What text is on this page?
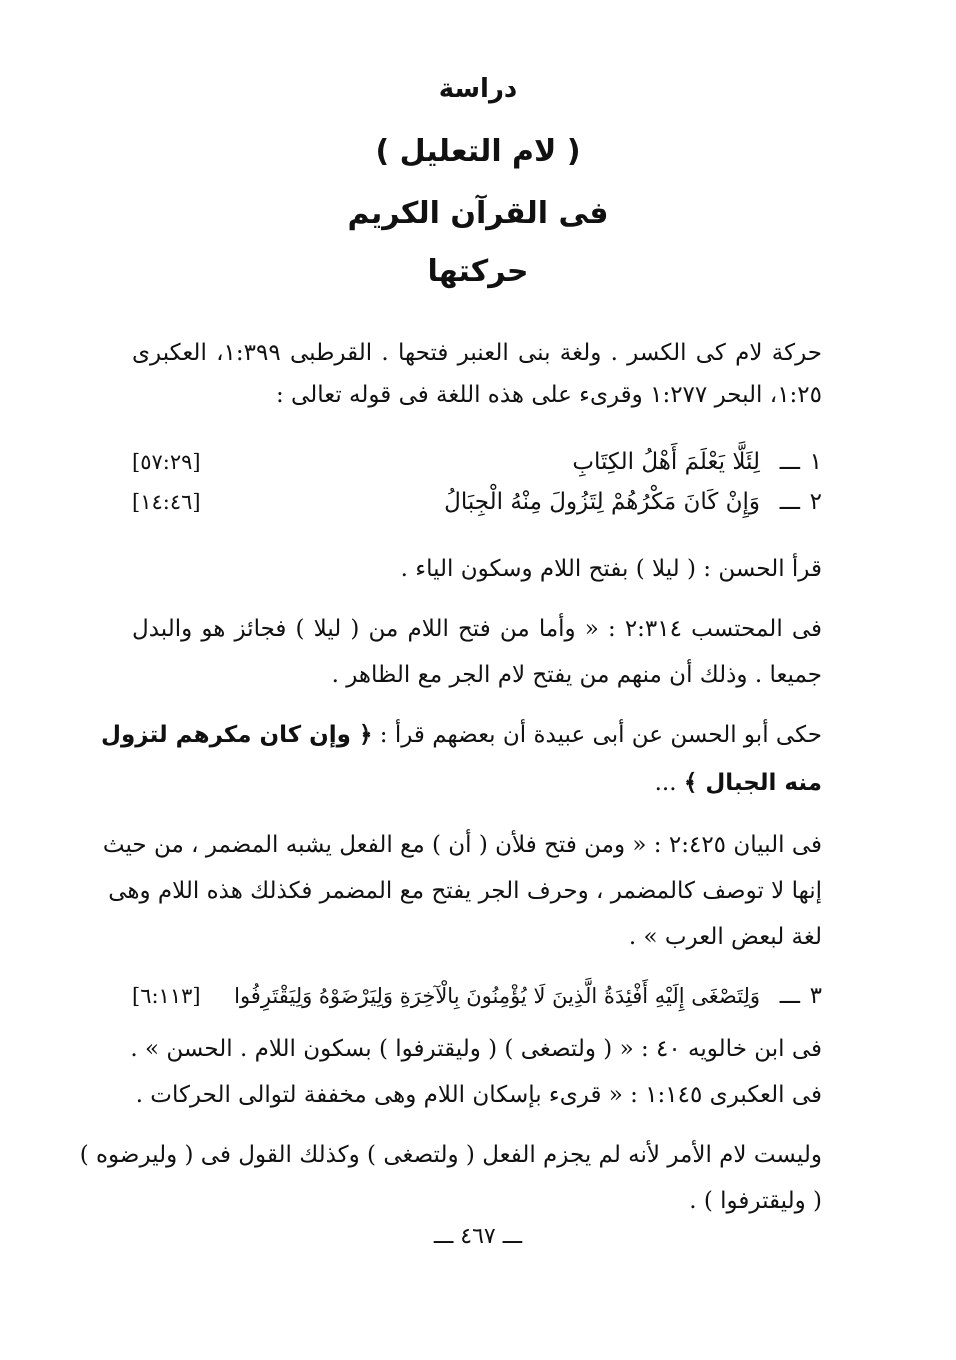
دراسة
( لام التعليل )
فى القرآن الكريم
حركتها
حركة لام كى الكسر . ولغة بنى العنبر فتحها . القرطبى ١:٣٩٩، العكبرى
١:٢٥، البحر ١:٢٧٧ وقرىء على هذه اللغة فى قوله تعالى :
١
ـــ
لِئَلَّا يَعْلَمَ أَهْلُ الكِتَابِ
[٥٧:٢٩]
٢
ـــ
وَإِنْ كَانَ مَكْرُهُمْ لِتَزُولَ مِنْهُ الْجِبَالُ
[١٤:٤٦]
قرأ الحسن : ( ليلا ) بفتح اللام وسكون الياء .
فى المحتسب ٢:٣١٤ : « وأما من فتح اللام من ( ليلا ) فجائز هو والبدل
جميعا . وذلك أن منهم من يفتح لام الجر مع الظاهر .
حكى أبو الحسن عن أبى عبيدة أن بعضهم قرأ : ﴿ وإن كان مكرهم لتزول
منه الجبال ﴾ ...
فى البيان ٢:٤٢٥ : « ومن فتح فلأن ( أن ) مع الفعل يشبه المضمر ، من حيث
إنها لا توصف كالمضمر ، وحرف الجر يفتح مع المضمر فكذلك هذه اللام وهى
لغة لبعض العرب » .
٣
ـــ
وَلِتَصْغَى إِلَيْهِ أَفْئِدَةُ الَّذِينَ لَا يُؤْمِنُونَ بِالْآخِرَةِ وَلِيَرْضَوْهُ وَلِيَقْتَرِفُوا
[٦:١١٣]
فى ابن خالويه ٤٠ : « ( ولتصغى ) ( وليقترفوا ) بسكون اللام . الحسن » .
فى العكبرى ١:١٤٥ : « قرىء بإسكان اللام وهى مخففة لتوالى الحركات .
وليست لام الأمر لأنه لم يجزم الفعل ( ولتصغى ) وكذلك القول فى ( وليرضوه )
( وليقترفوا ) .
ـــ ٤٦٧ ـــ
